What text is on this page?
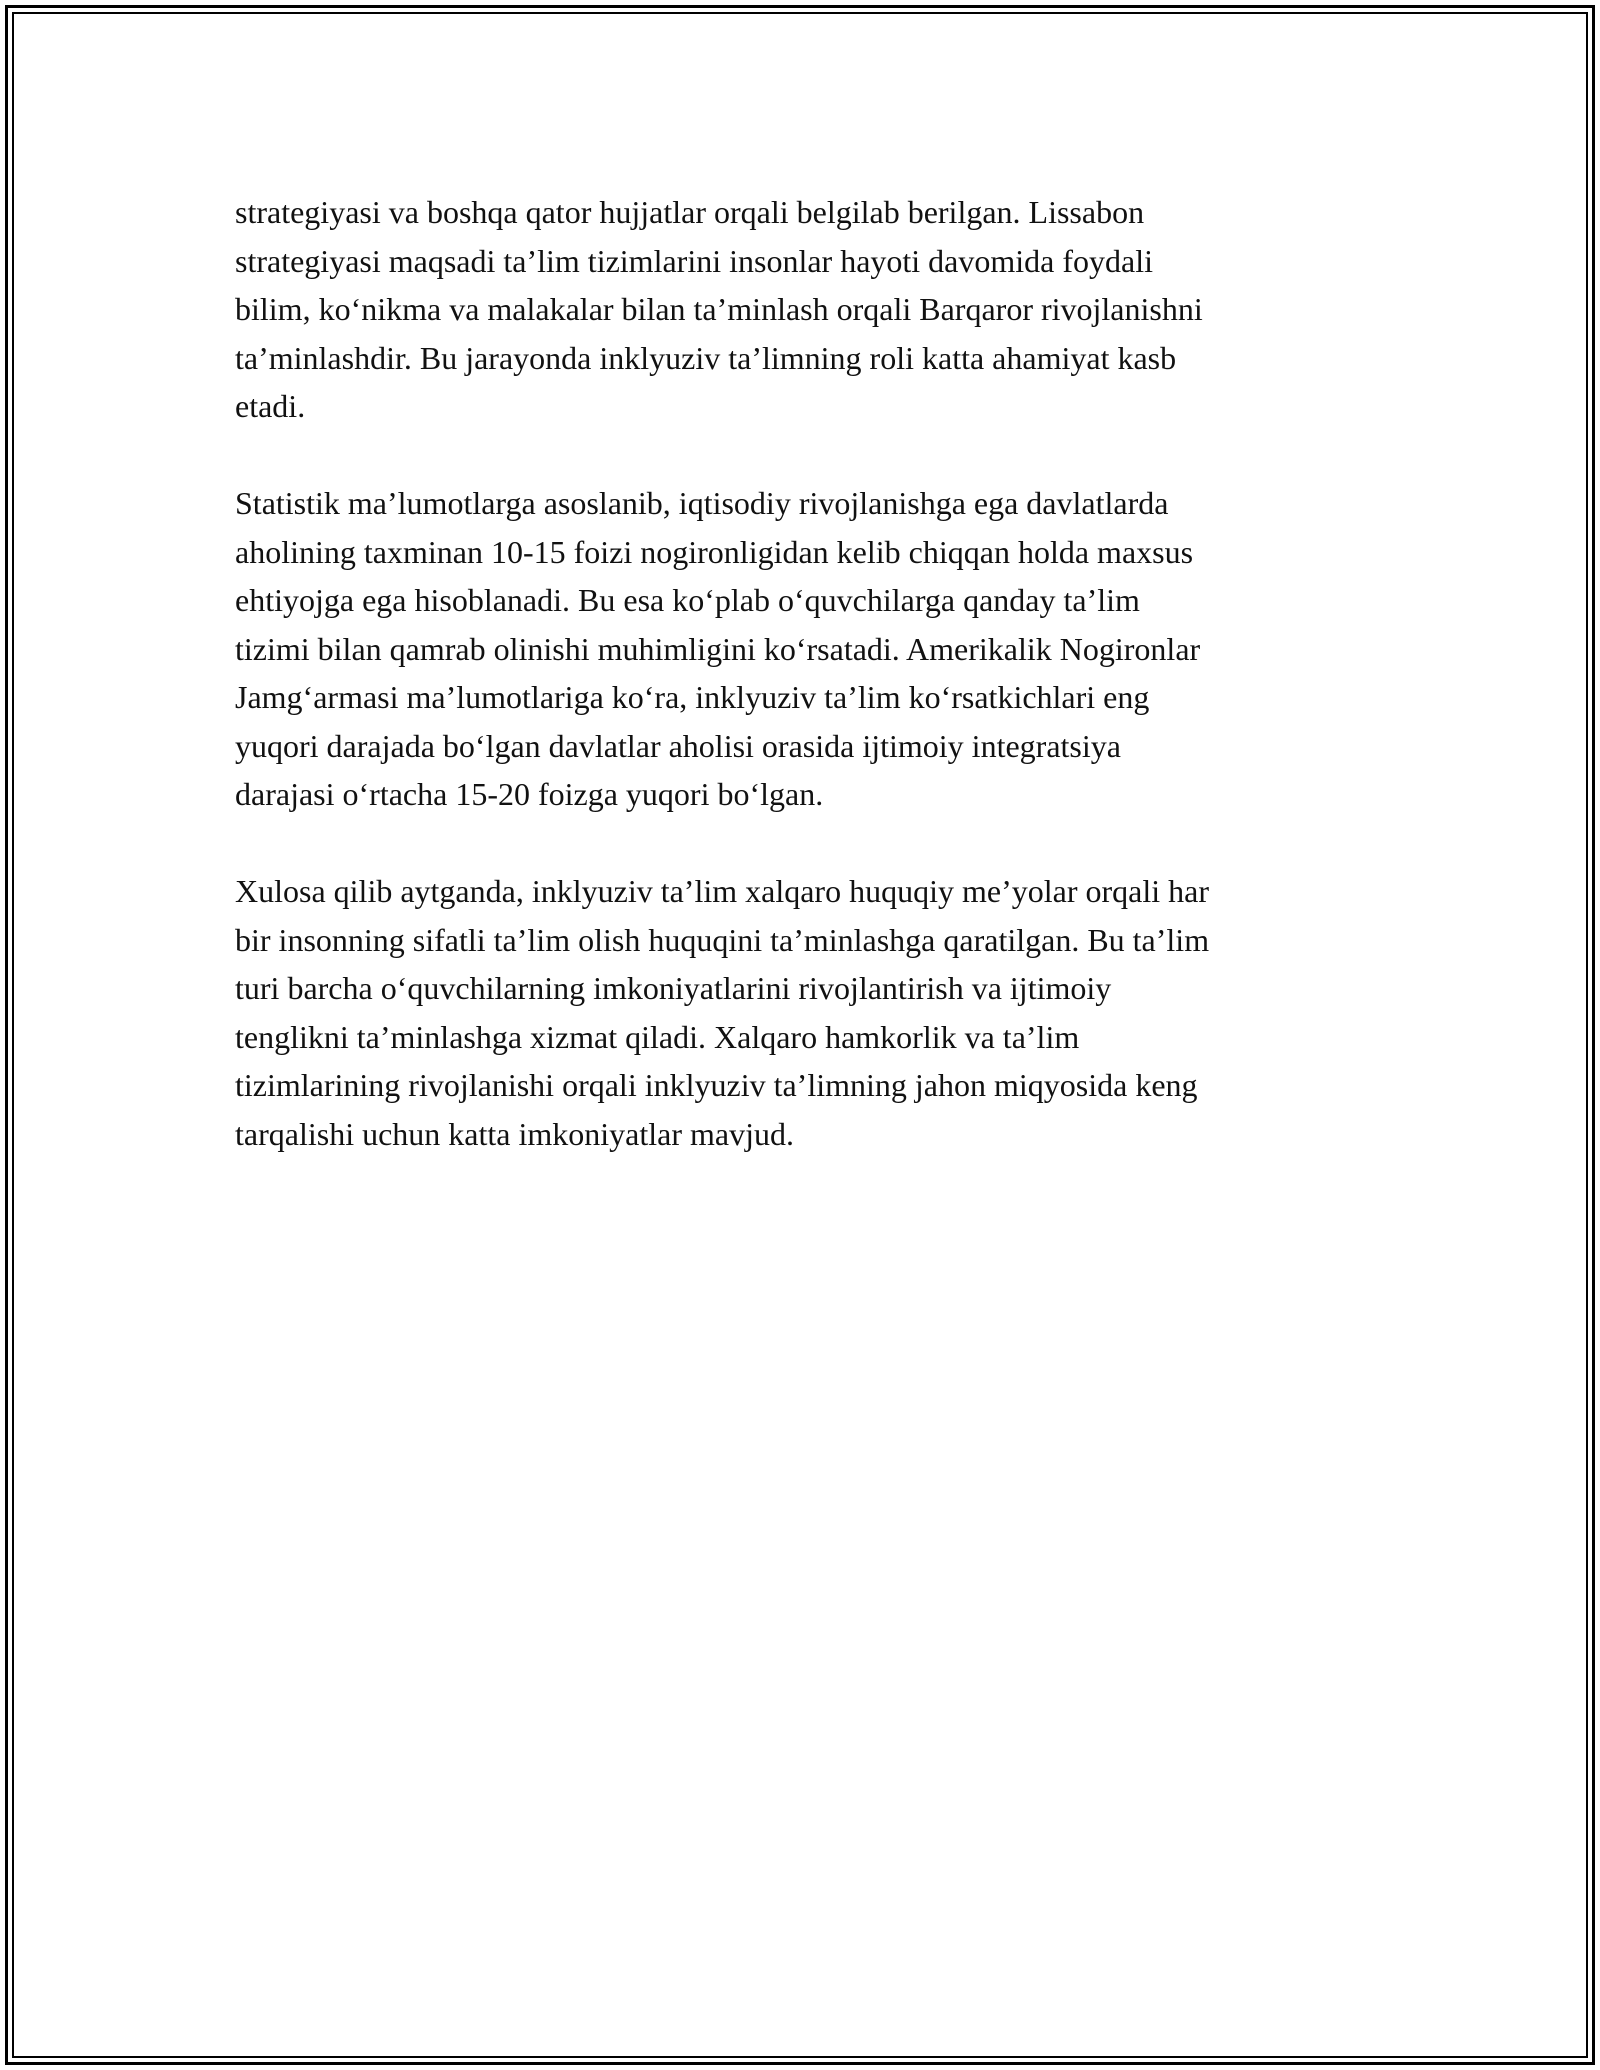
strategiyasi va boshqa qator hujjatlar orqali belgilab berilgan. Lissabon
strategiyasi maqsadi ta’lim tizimlarini insonlar hayoti davomida foydali
bilim, ko‘nikma va malakalar bilan ta’minlash orqali Barqaror rivojlanishni
ta’minlashdir. Bu jarayonda inklyuziv ta’limning roli katta ahamiyat kasb
etadi.

Statistik ma’lumotlarga asoslanib, iqtisodiy rivojlanishga ega davlatlarda
aholining taxminan 10-15 foizi nogironligidan kelib chiqqan holda maxsus
ehtiyojga ega hisoblanadi. Bu esa ko‘plab o‘quvchilarga qanday ta’lim
tizimi bilan qamrab olinishi muhimligini ko‘rsatadi. Amerikalik Nogironlar
Jamg‘armasi ma’lumotlariga ko‘ra, inklyuziv ta’lim ko‘rsatkichlari eng
yuqori darajada bo‘lgan davlatlar aholisi orasida ijtimoiy integratsiya
darajasi o‘rtacha 15-20 foizga yuqori bo‘lgan.

Xulosa qilib aytganda, inklyuziv ta’lim xalqaro huquqiy me’yolar orqali har
bir insonning sifatli ta’lim olish huquqini ta’minlashga qaratilgan. Bu ta’lim
turi barcha o‘quvchilarning imkoniyatlarini rivojlantirish va ijtimoiy
tenglikni ta’minlashga xizmat qiladi. Xalqaro hamkorlik va ta’lim
tizimlarining rivojlanishi orqali inklyuziv ta’limning jahon miqyosida keng
tarqalishi uchun katta imkoniyatlar mavjud.
